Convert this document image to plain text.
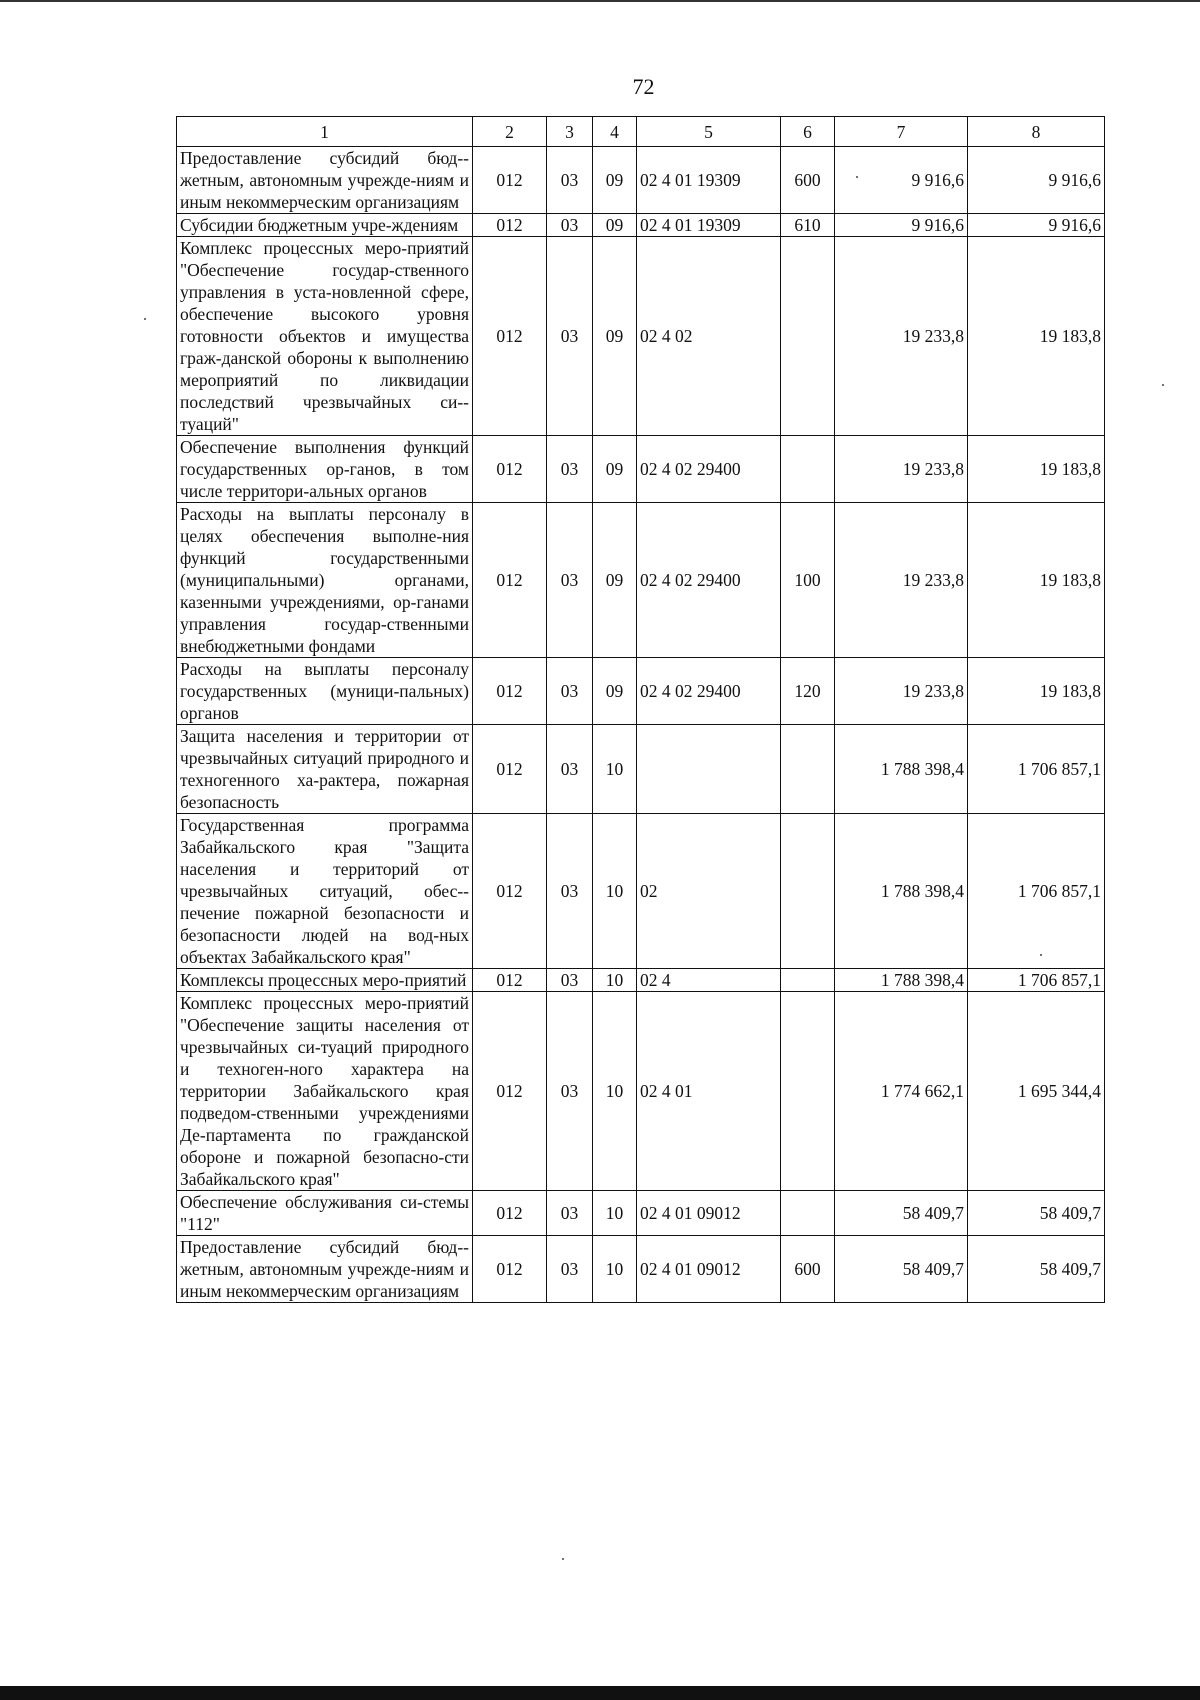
72
1	2	3	4	5	6	7	8
Предоставление субсидий бюд-жетным, автономным учрежде-ниям и иным некоммерческим организациям	012	03	09	02 4 01 19309	600	9 916,6	9 916,6
Субсидии бюджетным учре-ждениям	012	03	09	02 4 01 19309	610	9 916,6	9 916,6
Комплекс процессных меро-приятий "Обеспечение государ-ственного управления в уста-новленной сфере, обеспечение высокого уровня готовности объектов и имущества граж-данской обороны к выполнению мероприятий по ликвидации последствий чрезвычайных си-туаций"	012	03	09	02 4 02		19 233,8	19 183,8
Обеспечение выполнения функций государственных ор-ганов, в том числе территори-альных органов	012	03	09	02 4 02 29400		19 233,8	19 183,8
Расходы на выплаты персоналу в целях обеспечения выполне-ния функций государственными (муниципальными) органами, казенными учреждениями, ор-ганами управления государ-ственными внебюджетными фондами	012	03	09	02 4 02 29400	100	19 233,8	19 183,8
Расходы на выплаты персоналу государственных (муници-пальных) органов	012	03	09	02 4 02 29400	120	19 233,8	19 183,8
Защита населения и территории от чрезвычайных ситуаций природного и техногенного ха-рактера, пожарная безопасность	012	03	10			1 788 398,4	1 706 857,1
Государственная программа Забайкальского края "Защита населения и территорий от чрезвычайных ситуаций, обес-печение пожарной безопасности и безопасности людей на вод-ных объектах Забайкальского края"	012	03	10	02		1 788 398,4	1 706 857,1
Комплексы процессных меро-приятий	012	03	10	02 4		1 788 398,4	1 706 857,1
Комплекс процессных меро-приятий "Обеспечение защиты населения от чрезвычайных си-туаций природного и техноген-ного характера на территории Забайкальского края подведом-ственными учреждениями Де-партамента по гражданской обороне и пожарной безопасно-сти Забайкальского края"	012	03	10	02 4 01		1 774 662,1	1 695 344,4
Обеспечение обслуживания си-стемы "112"	012	03	10	02 4 01 09012		58 409,7	58 409,7
Предоставление субсидий бюд-жетным, автономным учрежде-ниям и иным некоммерческим организациям	012	03	10	02 4 01 09012	600	58 409,7	58 409,7
